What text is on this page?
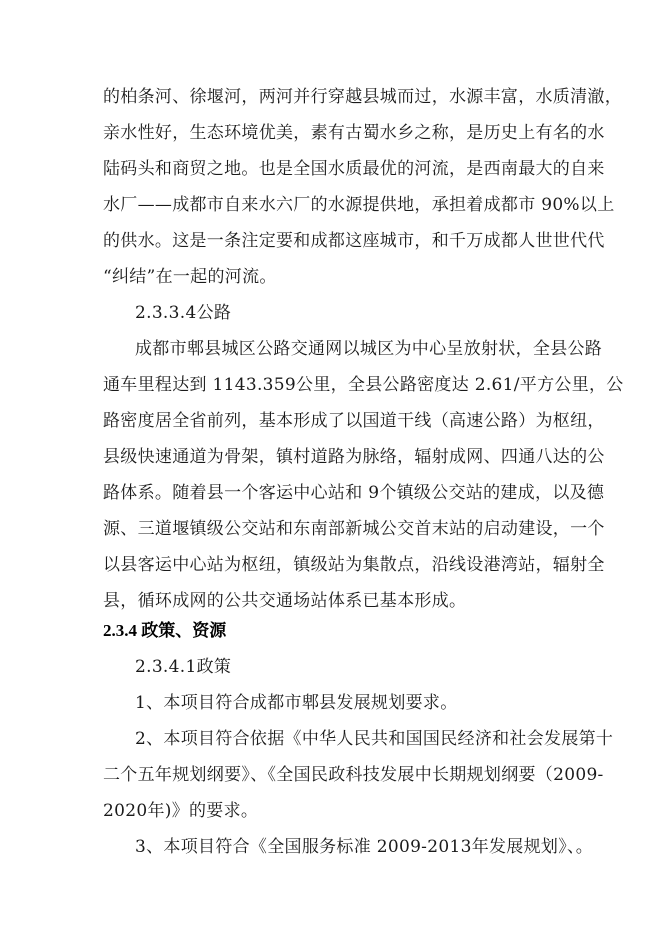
的柏条河、徐堰河，两河并行穿越县城而过，水源丰富，水质清澈，
亲水性好，生态环境优美，素有古蜀水乡之称，是历史上有名的水
陆码头和商贸之地。也是全国水质最优的河流，是西南最大的自来
水厂——成都市自来水六厂的水源提供地，承担着成都市 90%以上
的供水。这是一条注定要和成都这座城市，和千万成都人世世代代
“纠结”在一起的河流。
2.3.3.4公路
成都市郫县城区公路交通网以城区为中心呈放射状，全县公路
通车里程达到 1143.359公里，全县公路密度达 2.61/平方公里，公
路密度居全省前列，基本形成了以国道干线（高速公路）为枢纽，
县级快速通道为骨架，镇村道路为脉络，辐射成网、四通八达的公
路体系。随着县一个客运中心站和 9个镇级公交站的建成，以及德
源、三道堰镇级公交站和东南部新城公交首末站的启动建设，一个
以县客运中心站为枢纽，镇级站为集散点，沿线设港湾站，辐射全
县，循环成网的公共交通场站体系已基本形成。
2.3.4 政策、资源
2.3.4.1政策
1、本项目符合成都市郫县发展规划要求。
2、本项目符合依据《中华人民共和国国民经济和社会发展第十
二个五年规划纲要》、《全国民政科技发展中长期规划纲要（2009-
2020年)》的要求。
3、本项目符合《全国服务标准 2009-2013年发展规划》、。
